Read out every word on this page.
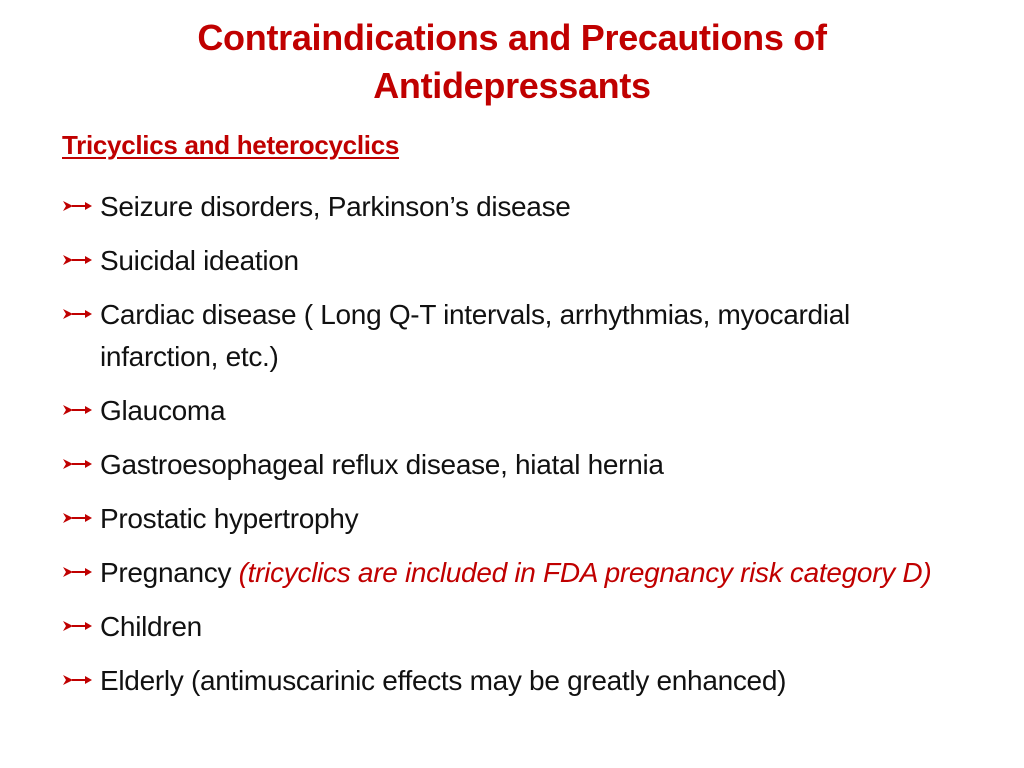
Contraindications and Precautions of
Antidepressants
Tricyclics and heterocyclics
Seizure disorders, Parkinson’s disease
Suicidal ideation
Cardiac disease ( Long Q-T intervals, arrhythmias, myocardial infarction, etc.)
Glaucoma
Gastroesophageal reflux disease, hiatal hernia
Prostatic hypertrophy
Pregnancy (tricyclics are included in FDA pregnancy risk category D)
Children
Elderly (antimuscarinic effects may be greatly enhanced)
